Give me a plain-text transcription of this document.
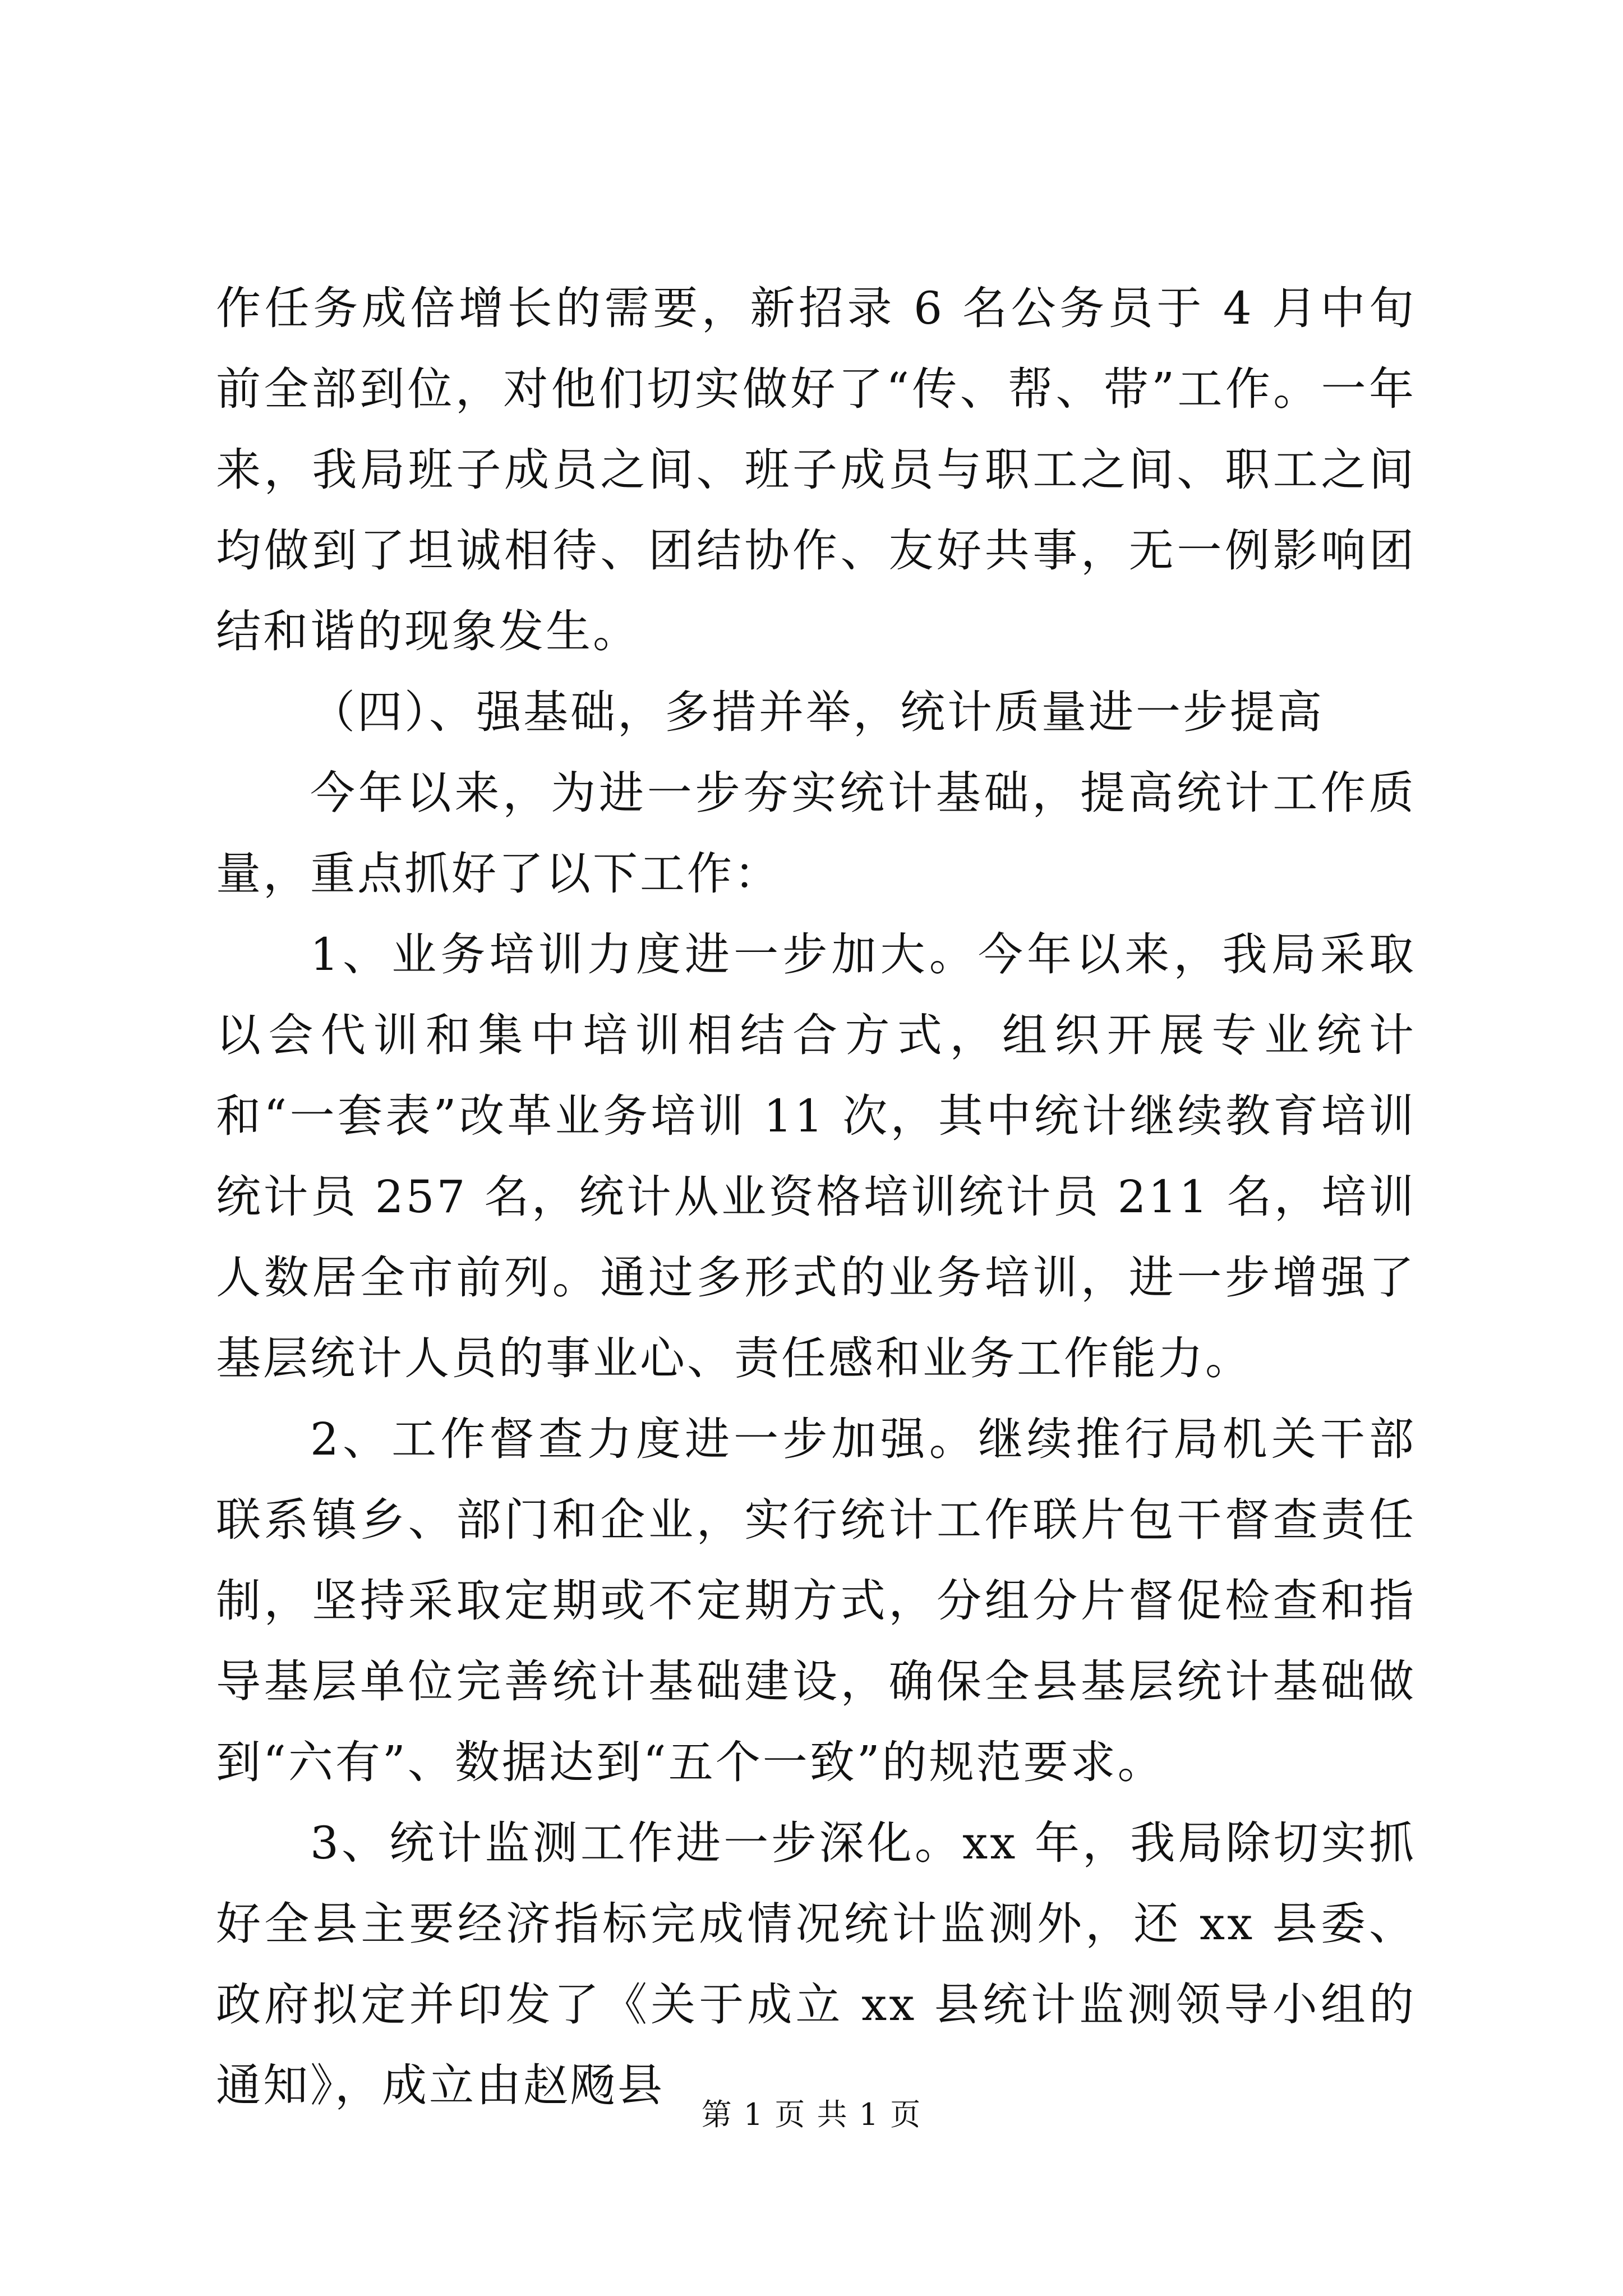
作任务成倍增长的需要，新招录 6 名公务员于 4 月中旬前全部到位，对他们切实做好了“传、帮、带”工作。一年来，我局班子成员之间、班子成员与职工之间、职工之间均做到了坦诚相待、团结协作、友好共事，无一例影响团结和谐的现象发生。

（四）、强基础，多措并举，统计质量进一步提高

今年以来，为进一步夯实统计基础，提高统计工作质量，重点抓好了以下工作：

1、业务培训力度进一步加大。今年以来，我局采取以会代训和集中培训相结合方式，组织开展专业统计和“一套表”改革业务培训 11 次，其中统计继续教育培训统计员 257 名，统计从业资格培训统计员 211 名，培训人数居全市前列。通过多形式的业务培训，进一步增强了基层统计人员的事业心、责任感和业务工作能力。

2、工作督查力度进一步加强。继续推行局机关干部联系镇乡、部门和企业，实行统计工作联片包干督查责任制，坚持采取定期或不定期方式，分组分片督促检查和指导基层单位完善统计基础建设，确保全县基层统计基础做到“六有”、数据达到“五个一致”的规范要求。

3、统计监测工作进一步深化。xx 年，我局除切实抓好全县主要经济指标完成情况统计监测外，还 xx 县委、政府拟定并印发了《关于成立 xx 县统计监测领导小组的通知》，成立由赵飏县

第 1 页 共 1 页
